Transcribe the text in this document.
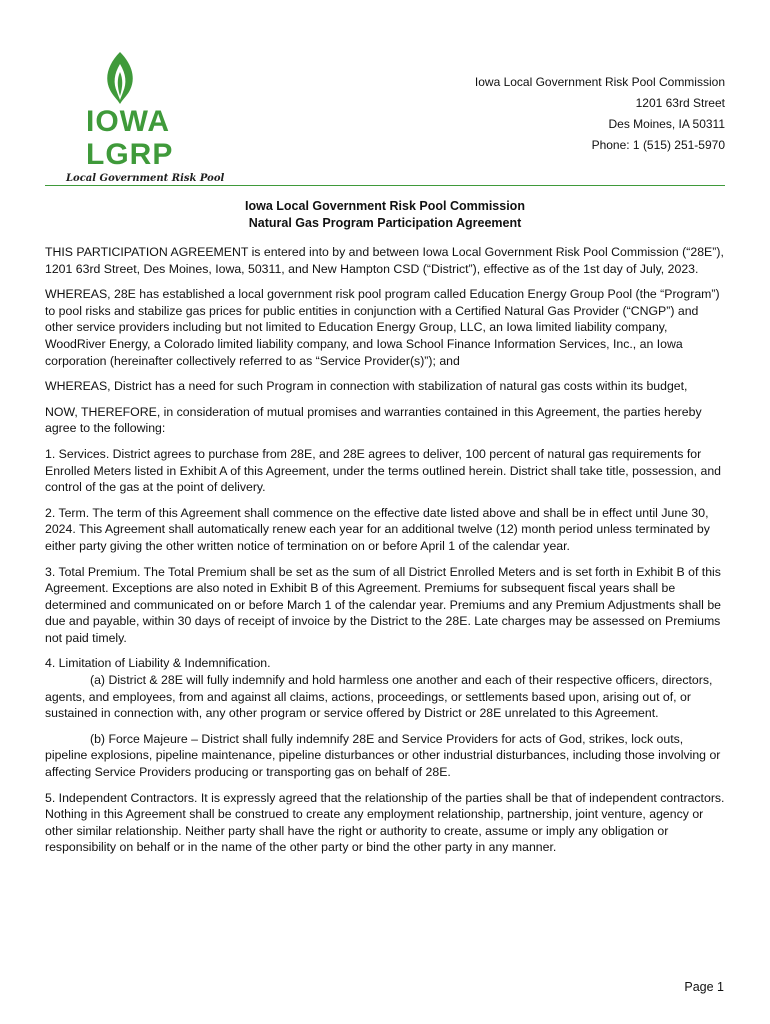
IOWA
LGRP
Local Government Risk Pool
Iowa Local Government Risk Pool Commission
1201 63rd Street
Des Moines, IA 50311
Phone: 1 (515) 251-5970
Iowa Local Government Risk Pool Commission
Natural Gas Program Participation Agreement

THIS PARTICIPATION AGREEMENT is entered into by and between Iowa Local Government Risk Pool Commission (“28E”), 1201 63rd Street, Des Moines, Iowa, 50311, and New Hampton CSD (“District”), effective as of the 1st day of July, 2023.

WHEREAS, 28E has established a local government risk pool program called Education Energy Group Pool (the “Program”) to pool risks and stabilize gas prices for public entities in conjunction with a Certified Natural Gas Provider (“CNGP”) and other service providers including but not limited to Education Energy Group, LLC, an Iowa limited liability company, WoodRiver Energy, a Colorado limited liability company, and Iowa School Finance Information Services, Inc., an Iowa corporation (hereinafter collectively referred to as “Service Provider(s)”); and

WHEREAS, District has a need for such Program in connection with stabilization of natural gas costs within its budget,

NOW, THEREFORE, in consideration of mutual promises and warranties contained in this Agreement, the parties hereby agree to the following:

1. Services. District agrees to purchase from 28E, and 28E agrees to deliver, 100 percent of natural gas requirements for Enrolled Meters listed in Exhibit A of this Agreement, under the terms outlined herein. District shall take title, possession, and control of the gas at the point of delivery.

2. Term. The term of this Agreement shall commence on the effective date listed above and shall be in effect until June 30, 2024. This Agreement shall automatically renew each year for an additional twelve (12) month period unless terminated by either party giving the other written notice of termination on or before April 1 of the calendar year.

3. Total Premium. The Total Premium shall be set as the sum of all District Enrolled Meters and is set forth in Exhibit B of this Agreement. Exceptions are also noted in Exhibit B of this Agreement. Premiums for subsequent fiscal years shall be determined and communicated on or before March 1 of the calendar year. Premiums and any Premium Adjustments shall be due and payable, within 30 days of receipt of invoice by the District to the 28E. Late charges may be assessed on Premiums not paid timely.

4. Limitation of Liability & Indemnification.

(a) District & 28E will fully indemnify and hold harmless one another and each of their respective officers, directors, agents, and employees, from and against all claims, actions, proceedings, or settlements based upon, arising out of, or sustained in connection with, any other program or service offered by District or 28E unrelated to this Agreement.

(b) Force Majeure – District shall fully indemnify 28E and Service Providers for acts of God, strikes, lock outs, pipeline explosions, pipeline maintenance, pipeline disturbances or other industrial disturbances, including those involving or affecting Service Providers producing or transporting gas on behalf of 28E.

5. Independent Contractors. It is expressly agreed that the relationship of the parties shall be that of independent contractors. Nothing in this Agreement shall be construed to create any employment relationship, partnership, joint venture, agency or other similar relationship. Neither party shall have the right or authority to create, assume or imply any obligation or responsibility on behalf or in the name of the other party or bind the other party in any manner.

Page 1
